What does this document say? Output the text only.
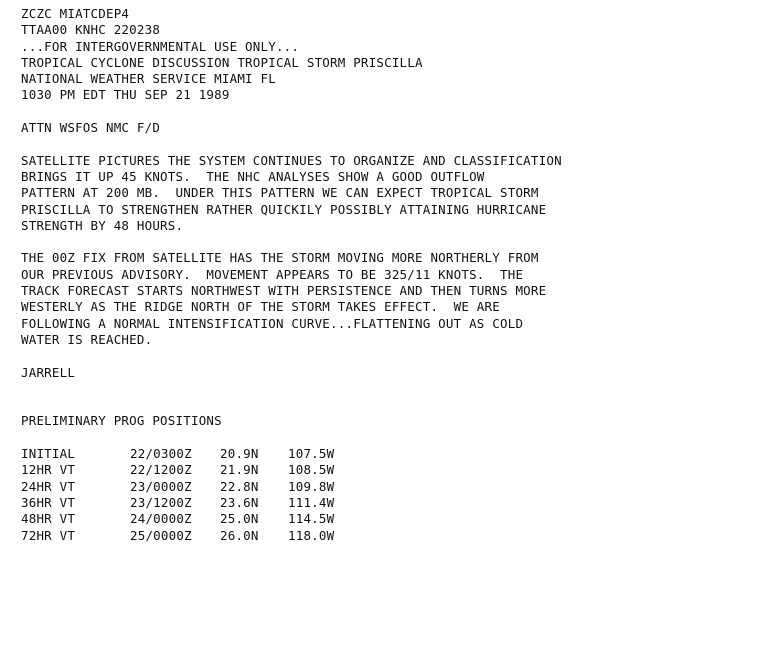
ZCZC MIATCDEP4
TTAA00 KNHC 220238
...FOR INTERGOVERNMENTAL USE ONLY...
TROPICAL CYCLONE DISCUSSION TROPICAL STORM PRISCILLA
NATIONAL WEATHER SERVICE MIAMI FL
1030 PM EDT THU SEP 21 1989
ATTN WSFOS NMC F/D
SATELLITE PICTURES THE SYSTEM CONTINUES TO ORGANIZE AND CLASSIFICATION
BRINGS IT UP 45 KNOTS.  THE NHC ANALYSES SHOW A GOOD OUTFLOW
PATTERN AT 200 MB.  UNDER THIS PATTERN WE CAN EXPECT TROPICAL STORM
PRISCILLA TO STRENGTHEN RATHER QUICKILY POSSIBLY ATTAINING HURRICANE
STRENGTH BY 48 HOURS.
THE 00Z FIX FROM SATELLITE HAS THE STORM MOVING MORE NORTHERLY FROM
OUR PREVIOUS ADVISORY.  MOVEMENT APPEARS TO BE 325/11 KNOTS.  THE
TRACK FORECAST STARTS NORTHWEST WITH PERSISTENCE AND THEN TURNS MORE
WESTERLY AS THE RIDGE NORTH OF THE STORM TAKES EFFECT.  WE ARE
FOLLOWING A NORMAL INTENSIFICATION CURVE...FLATTENING OUT AS COLD
WATER IS REACHED.
JARRELL
PRELIMINARY PROG POSITIONS
INITIAL	22/0300Z	20.9N	107.5W
12HR VT	22/1200Z	21.9N	108.5W
24HR VT	23/0000Z	22.8N	109.8W
36HR VT	23/1200Z	23.6N	111.4W
48HR VT	24/0000Z	25.0N	114.5W
72HR VT	25/0000Z	26.0N	118.0W
